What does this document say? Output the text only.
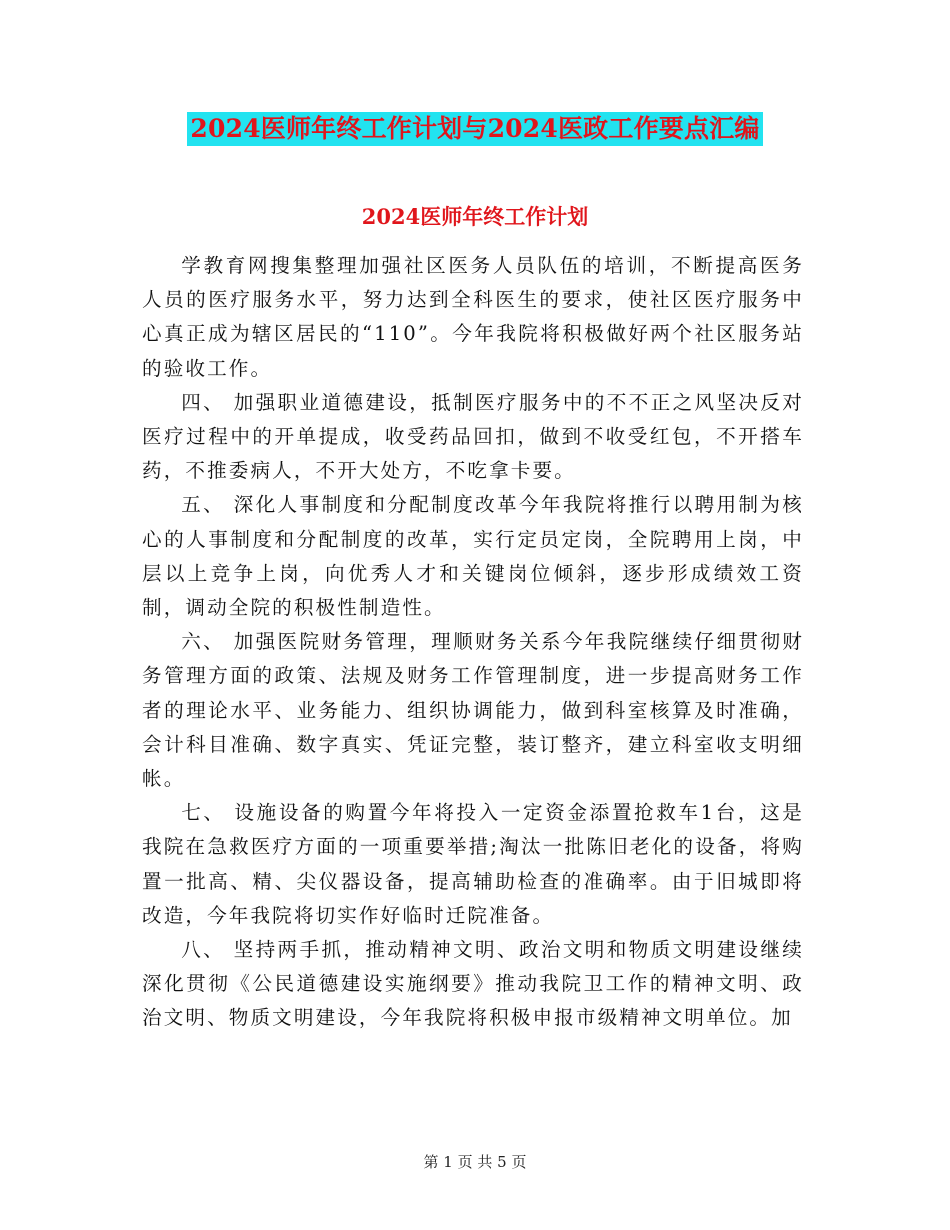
2024医师年终工作计划与2024医政工作要点汇编
2024医师年终工作计划

学教育网搜集整理加强社区医务人员队伍的培训，不断提高医务人员的医疗服务水平，努力达到全科医生的要求，使社区医疗服务中心真正成为辖区居民的“110”。今年我院将积极做好两个社区服务站的验收工作。

四、 加强职业道德建设，抵制医疗服务中的不不正之风坚决反对医疗过程中的开单提成，收受药品回扣，做到不收受红包，不开搭车药，不推委病人，不开大处方，不吃拿卡要。

五、 深化人事制度和分配制度改革今年我院将推行以聘用制为核心的人事制度和分配制度的改革，实行定员定岗，全院聘用上岗，中层以上竞争上岗，向优秀人才和关键岗位倾斜，逐步形成绩效工资制，调动全院的积极性制造性。

六、 加强医院财务管理，理顺财务关系今年我院继续仔细贯彻财务管理方面的政策、法规及财务工作管理制度，进一步提高财务工作者的理论水平、业务能力、组织协调能力，做到科室核算及时准确，会计科目准确、数字真实、凭证完整，装订整齐，建立科室收支明细帐。

七、 设施设备的购置今年将投入一定资金添置抢救车1台，这是我院在急救医疗方面的一项重要举措;淘汰一批陈旧老化的设备，将购置一批高、精、尖仪器设备，提高辅助检查的准确率。由于旧城即将改造，今年我院将切实作好临时迁院准备。

八、 坚持两手抓，推动精神文明、政治文明和物质文明建设继续深化贯彻《公民道德建设实施纲要》推动我院卫工作的精神文明、政治文明、物质文明建设，今年我院将积极申报市级精神文明单位。加

第 1 页 共 5 页
